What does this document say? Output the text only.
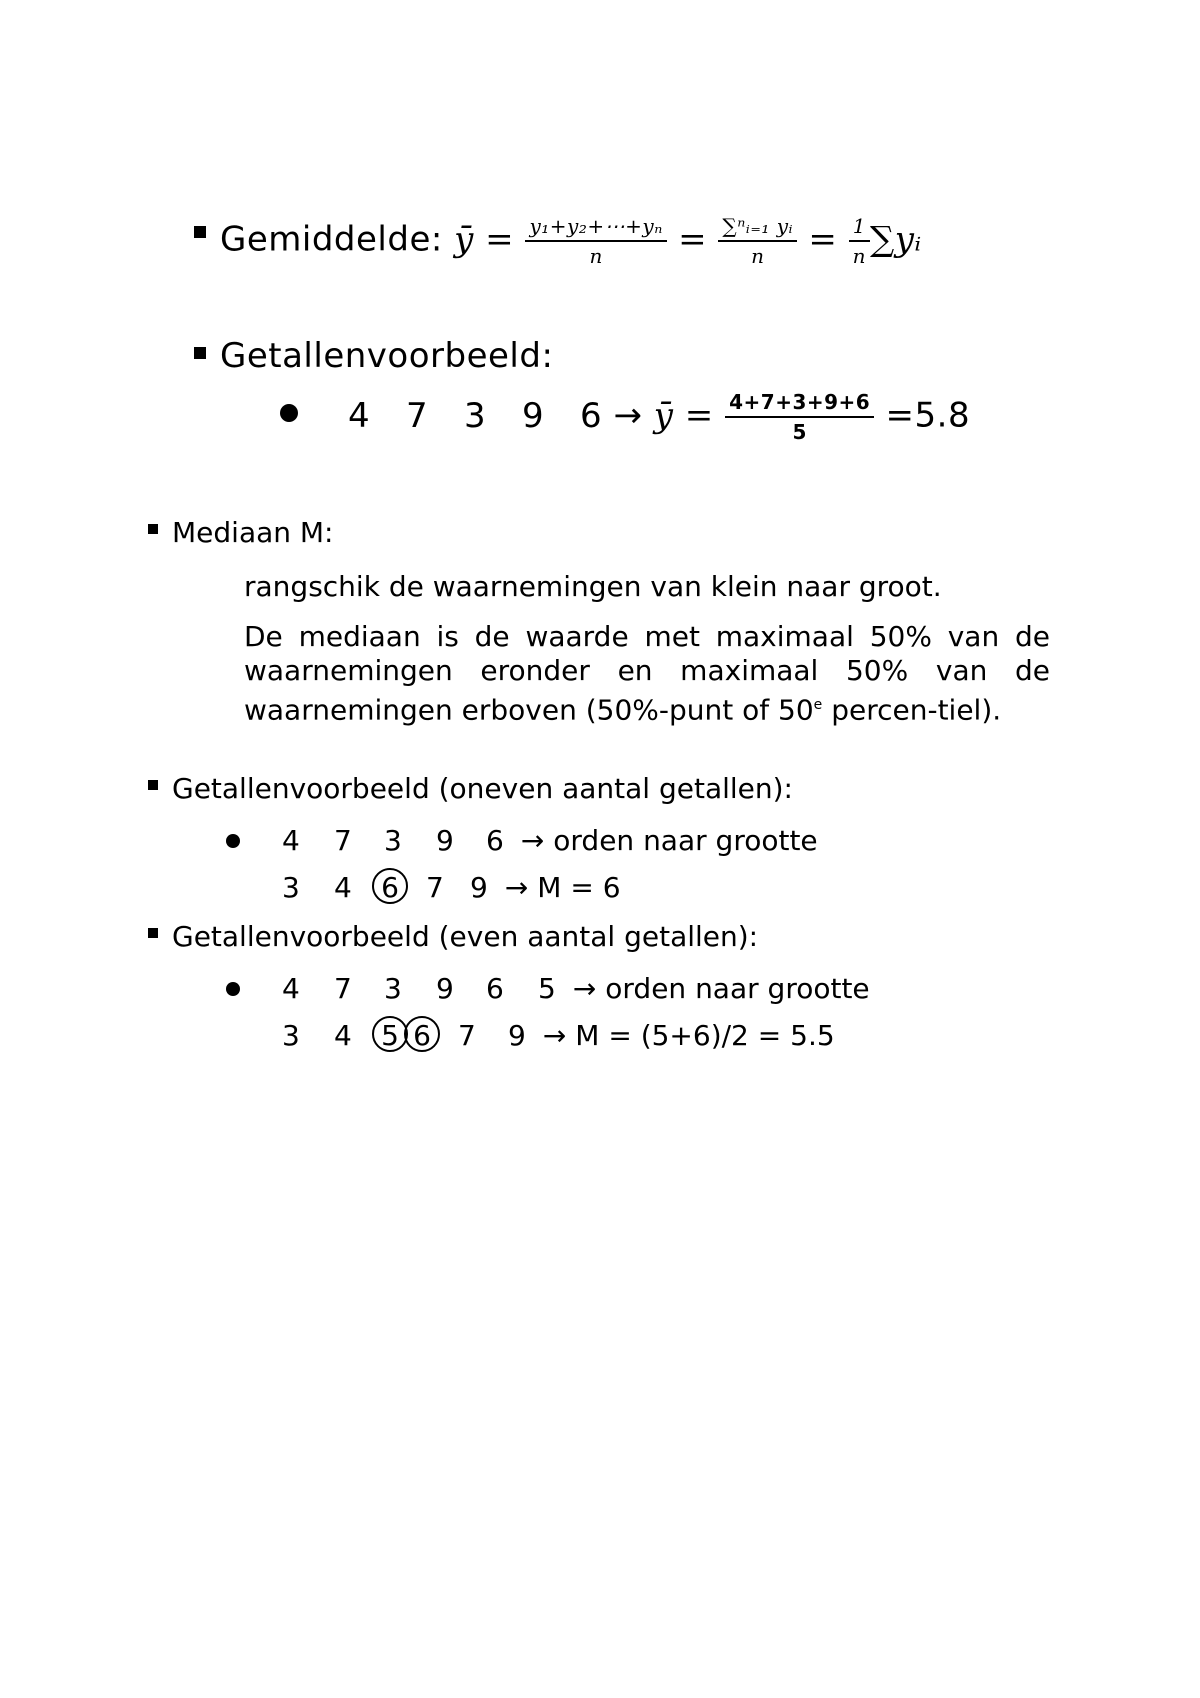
Gemiddelde: ȳ = $\frac{\text{y₁+y₂+⋯+yₙ}}{n} = \frac{\text{∑ⁿᵢ₌₁ yᵢ}}{n} = \frac{1}{n}$ ∑yᵢ
Getallenvoorbeeld:
4 7 3 9 6 → ȳ = $\frac{4+7+3+9+6}{5} =5.8$
Mediaan M:
rangschik de waarnemingen van klein naar groot.
De mediaan is de waarde met maximaal 50% van de waarnemingen eronder en maximaal 50% van de waarnemingen erboven (50%-punt of 50e percen-tiel).
Getallenvoorbeeld (oneven aantal getallen):
4 7 3 9 6 → orden naar grootte
3 4 6 7 9 → M = 6
Getallenvoorbeeld (even aantal getallen):
4 7 3 9 6 5 → orden naar grootte
3 4 5 6 7 9 → M = (5+6)/2 = 5.5
